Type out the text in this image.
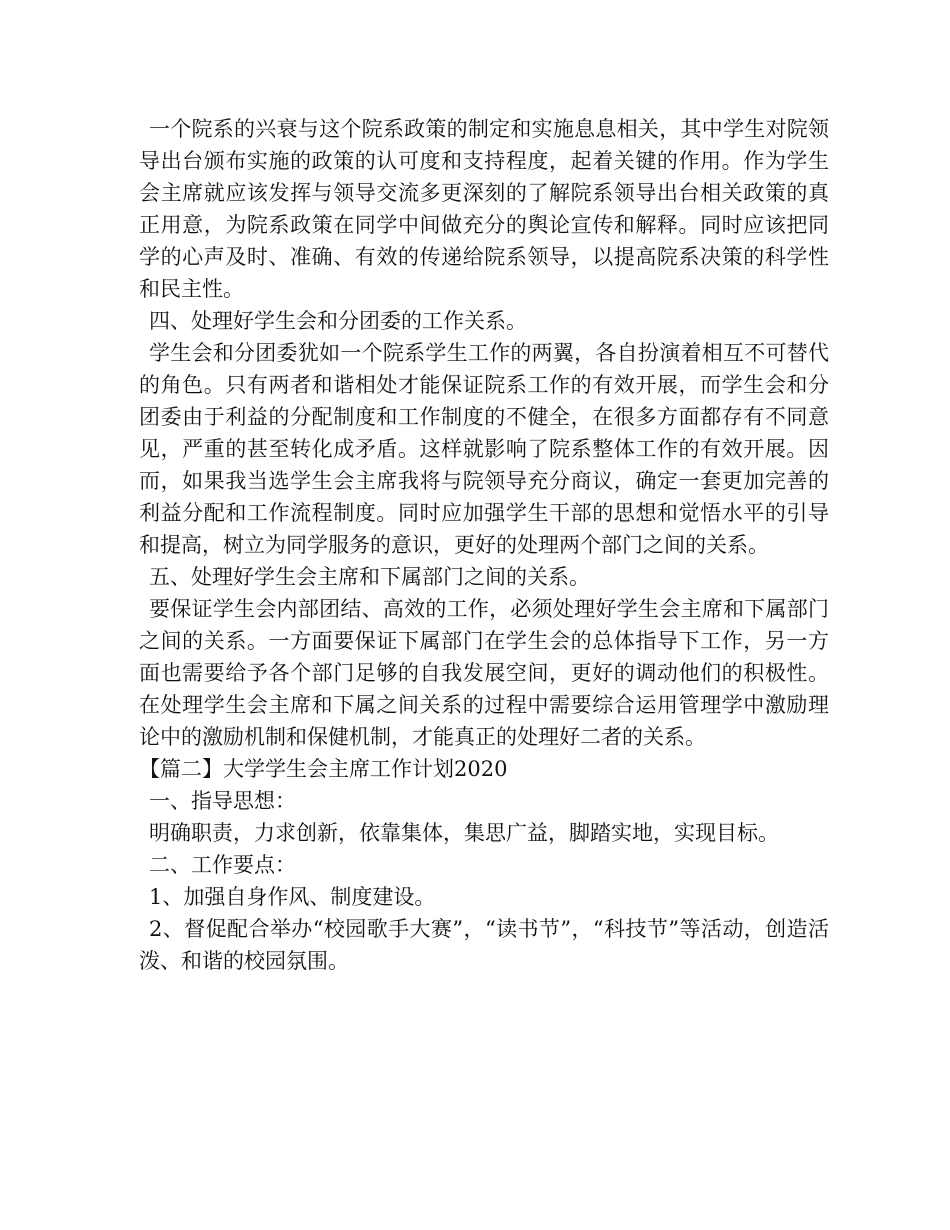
一个院系的兴衰与这个院系政策的制定和实施息息相关，其中学生对院领导出台颁布实施的政策的认可度和支持程度，起着关键的作用。作为学生会主席就应该发挥与领导交流多更深刻的了解院系领导出台相关政策的真正用意，为院系政策在同学中间做充分的舆论宣传和解释。同时应该把同学的心声及时、准确、有效的传递给院系领导，以提高院系决策的科学性和民主性。

四、处理好学生会和分团委的工作关系。

学生会和分团委犹如一个院系学生工作的两翼，各自扮演着相互不可替代的角色。只有两者和谐相处才能保证院系工作的有效开展，而学生会和分团委由于利益的分配制度和工作制度的不健全，在很多方面都存有不同意见，严重的甚至转化成矛盾。这样就影响了院系整体工作的有效开展。因而，如果我当选学生会主席我将与院领导充分商议，确定一套更加完善的利益分配和工作流程制度。同时应加强学生干部的思想和觉悟水平的引导和提高，树立为同学服务的意识，更好的处理两个部门之间的关系。

五、处理好学生会主席和下属部门之间的关系。

要保证学生会内部团结、高效的工作，必须处理好学生会主席和下属部门之间的关系。一方面要保证下属部门在学生会的总体指导下工作，另一方面也需要给予各个部门足够的自我发展空间，更好的调动他们的积极性。在处理学生会主席和下属之间关系的过程中需要综合运用管理学中激励理论中的激励机制和保健机制，才能真正的处理好二者的关系。

【篇二】大学学生会主席工作计划2020

一、指导思想：

明确职责，力求创新，依靠集体，集思广益，脚踏实地，实现目标。

二、工作要点：

1、加强自身作风、制度建设。

2、督促配合举办“校园歌手大赛”，“读书节”，“科技节”等活动，创造活泼、和谐的校园氛围。
